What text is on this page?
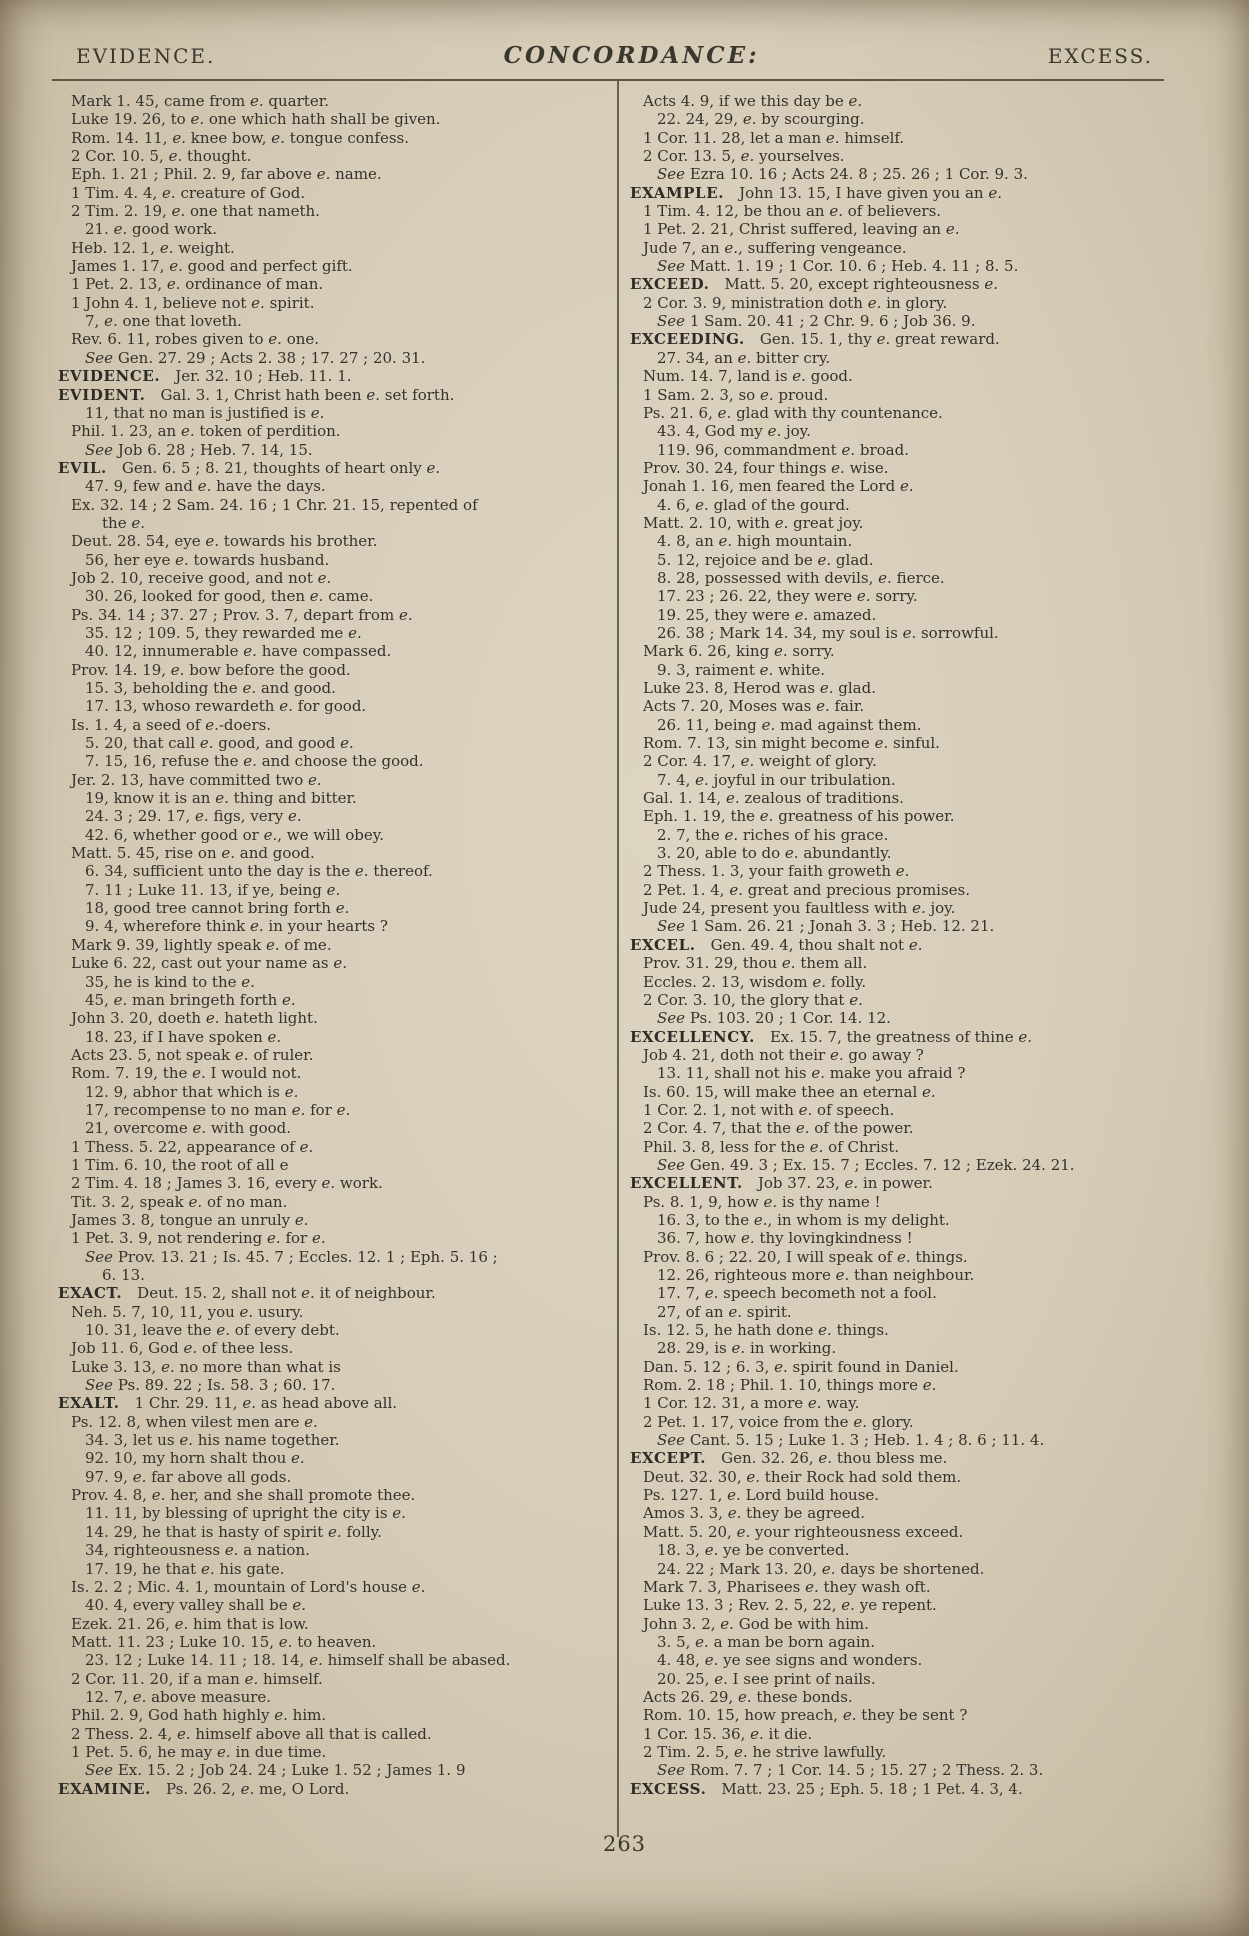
EVIDENCE.	CONCORDANCE:	EXCESS.
Mark 1. 45, came from e. quarter.
Luke 19. 26, to e. one which hath shall be given.
Rom. 14. 11, e. knee bow, e. tongue confess.
2 Cor. 10. 5, e. thought.
Eph. 1. 21 ; Phil. 2. 9, far above e. name.
1 Tim. 4. 4, e. creature of God.
2 Tim. 2. 19, e. one that nameth.
21. e. good work.
Heb. 12. 1, e. weight.
James 1. 17, e. good and perfect gift.
1 Pet. 2. 13, e. ordinance of man.
1 John 4. 1, believe not e. spirit.
7, e. one that loveth.
Rev. 6. 11, robes given to e. one.
See Gen. 27. 29 ; Acts 2. 38 ; 17. 27 ; 20. 31.
EVIDENCE.   Jer. 32. 10 ; Heb. 11. 1.
EVIDENT.   Gal. 3. 1, Christ hath been e. set forth.
11, that no man is justified is e.
Phil. 1. 23, an e. token of perdition.
See Job 6. 28 ; Heb. 7. 14, 15.
EVIL.   Gen. 6. 5 ; 8. 21, thoughts of heart only e.
47. 9, few and e. have the days.
Ex. 32. 14 ; 2 Sam. 24. 16 ; 1 Chr. 21. 15, repented of
the e.
Deut. 28. 54, eye e. towards his brother.
56, her eye e. towards husband.
Job 2. 10, receive good, and not e.
30. 26, looked for good, then e. came.
Ps. 34. 14 ; 37. 27 ; Prov. 3. 7, depart from e.
35. 12 ; 109. 5, they rewarded me e.
40. 12, innumerable e. have compassed.
Prov. 14. 19, e. bow before the good.
15. 3, beholding the e. and good.
17. 13, whoso rewardeth e. for good.
Is. 1. 4, a seed of e.-doers.
5. 20, that call e. good, and good e.
7. 15, 16, refuse the e. and choose the good.
Jer. 2. 13, have committed two e.
19, know it is an e. thing and bitter.
24. 3 ; 29. 17, e. figs, very e.
42. 6, whether good or e., we will obey.
Matt. 5. 45, rise on e. and good.
6. 34, sufficient unto the day is the e. thereof.
7. 11 ; Luke 11. 13, if ye, being e.
18, good tree cannot bring forth e.
9. 4, wherefore think e. in your hearts ?
Mark 9. 39, lightly speak e. of me.
Luke 6. 22, cast out your name as e.
35, he is kind to the e.
45, e. man bringeth forth e.
John 3. 20, doeth e. hateth light.
18. 23, if I have spoken e.
Acts 23. 5, not speak e. of ruler.
Rom. 7. 19, the e. I would not.
12. 9, abhor that which is e.
17, recompense to no man e. for e.
21, overcome e. with good.
1 Thess. 5. 22, appearance of e.
1 Tim. 6. 10, the root of all e
2 Tim. 4. 18 ; James 3. 16, every e. work.
Tit. 3. 2, speak e. of no man.
James 3. 8, tongue an unruly e.
1 Pet. 3. 9, not rendering e. for e.
See Prov. 13. 21 ; Is. 45. 7 ; Eccles. 12. 1 ; Eph. 5. 16 ;
6. 13.
EXACT.   Deut. 15. 2, shall not e. it of neighbour.
Neh. 5. 7, 10, 11, you e. usury.
10. 31, leave the e. of every debt.
Job 11. 6, God e. of thee less.
Luke 3. 13, e. no more than what is
See Ps. 89. 22 ; Is. 58. 3 ; 60. 17.
EXALT.   1 Chr. 29. 11, e. as head above all.
Ps. 12. 8, when vilest men are e.
34. 3, let us e. his name together.
92. 10, my horn shalt thou e.
97. 9, e. far above all gods.
Prov. 4. 8, e. her, and she shall promote thee.
11. 11, by blessing of upright the city is e.
14. 29, he that is hasty of spirit e. folly.
34, righteousness e. a nation.
17. 19, he that e. his gate.
Is. 2. 2 ; Mic. 4. 1, mountain of Lord's house e.
40. 4, every valley shall be e.
Ezek. 21. 26, e. him that is low.
Matt. 11. 23 ; Luke 10. 15, e. to heaven.
23. 12 ; Luke 14. 11 ; 18. 14, e. himself shall be abased.
2 Cor. 11. 20, if a man e. himself.
12. 7, e. above measure.
Phil. 2. 9, God hath highly e. him.
2 Thess. 2. 4, e. himself above all that is called.
1 Pet. 5. 6, he may e. in due time.
See Ex. 15. 2 ; Job 24. 24 ; Luke 1. 52 ; James 1. 9
EXAMINE.   Ps. 26. 2, e. me, O Lord.
Acts 4. 9, if we this day be e.
22. 24, 29, e. by scourging.
1 Cor. 11. 28, let a man e. himself.
2 Cor. 13. 5, e. yourselves.
See Ezra 10. 16 ; Acts 24. 8 ; 25. 26 ; 1 Cor. 9. 3.
EXAMPLE.   John 13. 15, I have given you an e.
1 Tim. 4. 12, be thou an e. of believers.
1 Pet. 2. 21, Christ suffered, leaving an e.
Jude 7, an e., suffering vengeance.
See Matt. 1. 19 ; 1 Cor. 10. 6 ; Heb. 4. 11 ; 8. 5.
EXCEED.   Matt. 5. 20, except righteousness e.
2 Cor. 3. 9, ministration doth e. in glory.
See 1 Sam. 20. 41 ; 2 Chr. 9. 6 ; Job 36. 9.
EXCEEDING.   Gen. 15. 1, thy e. great reward.
27. 34, an e. bitter cry.
Num. 14. 7, land is e. good.
1 Sam. 2. 3, so e. proud.
Ps. 21. 6, e. glad with thy countenance.
43. 4, God my e. joy.
119. 96, commandment e. broad.
Prov. 30. 24, four things e. wise.
Jonah 1. 16, men feared the Lord e.
4. 6, e. glad of the gourd.
Matt. 2. 10, with e. great joy.
4. 8, an e. high mountain.
5. 12, rejoice and be e. glad.
8. 28, possessed with devils, e. fierce.
17. 23 ; 26. 22, they were e. sorry.
19. 25, they were e. amazed.
26. 38 ; Mark 14. 34, my soul is e. sorrowful.
Mark 6. 26, king e. sorry.
9. 3, raiment e. white.
Luke 23. 8, Herod was e. glad.
Acts 7. 20, Moses was e. fair.
26. 11, being e. mad against them.
Rom. 7. 13, sin might become e. sinful.
2 Cor. 4. 17, e. weight of glory.
7. 4, e. joyful in our tribulation.
Gal. 1. 14, e. zealous of traditions.
Eph. 1. 19, the e. greatness of his power.
2. 7, the e. riches of his grace.
3. 20, able to do e. abundantly.
2 Thess. 1. 3, your faith groweth e.
2 Pet. 1. 4, e. great and precious promises.
Jude 24, present you faultless with e. joy.
See 1 Sam. 26. 21 ; Jonah 3. 3 ; Heb. 12. 21.
EXCEL.   Gen. 49. 4, thou shalt not e.
Prov. 31. 29, thou e. them all.
Eccles. 2. 13, wisdom e. folly.
2 Cor. 3. 10, the glory that e.
See Ps. 103. 20 ; 1 Cor. 14. 12.
EXCELLENCY.   Ex. 15. 7, the greatness of thine e.
Job 4. 21, doth not their e. go away ?
13. 11, shall not his e. make you afraid ?
Is. 60. 15, will make thee an eternal e.
1 Cor. 2. 1, not with e. of speech.
2 Cor. 4. 7, that the e. of the power.
Phil. 3. 8, less for the e. of Christ.
See Gen. 49. 3 ; Ex. 15. 7 ; Eccles. 7. 12 ; Ezek. 24. 21.
EXCELLENT.   Job 37. 23, e. in power.
Ps. 8. 1, 9, how e. is thy name !
16. 3, to the e., in whom is my delight.
36. 7, how e. thy lovingkindness !
Prov. 8. 6 ; 22. 20, I will speak of e. things.
12. 26, righteous more e. than neighbour.
17. 7, e. speech becometh not a fool.
27, of an e. spirit.
Is. 12. 5, he hath done e. things.
28. 29, is e. in working.
Dan. 5. 12 ; 6. 3, e. spirit found in Daniel.
Rom. 2. 18 ; Phil. 1. 10, things more e.
1 Cor. 12. 31, a more e. way.
2 Pet. 1. 17, voice from the e. glory.
See Cant. 5. 15 ; Luke 1. 3 ; Heb. 1. 4 ; 8. 6 ; 11. 4.
EXCEPT.   Gen. 32. 26, e. thou bless me.
Deut. 32. 30, e. their Rock had sold them.
Ps. 127. 1, e. Lord build house.
Amos 3. 3, e. they be agreed.
Matt. 5. 20, e. your righteousness exceed.
18. 3, e. ye be converted.
24. 22 ; Mark 13. 20, e. days be shortened.
Mark 7. 3, Pharisees e. they wash oft.
Luke 13. 3 ; Rev. 2. 5, 22, e. ye repent.
John 3. 2, e. God be with him.
3. 5, e. a man be born again.
4. 48, e. ye see signs and wonders.
20. 25, e. I see print of nails.
Acts 26. 29, e. these bonds.
Rom. 10. 15, how preach, e. they be sent ?
1 Cor. 15. 36, e. it die.
2 Tim. 2. 5, e. he strive lawfully.
See Rom. 7. 7 ; 1 Cor. 14. 5 ; 15. 27 ; 2 Thess. 2. 3.
EXCESS.   Matt. 23. 25 ; Eph. 5. 18 ; 1 Pet. 4. 3, 4.
263
